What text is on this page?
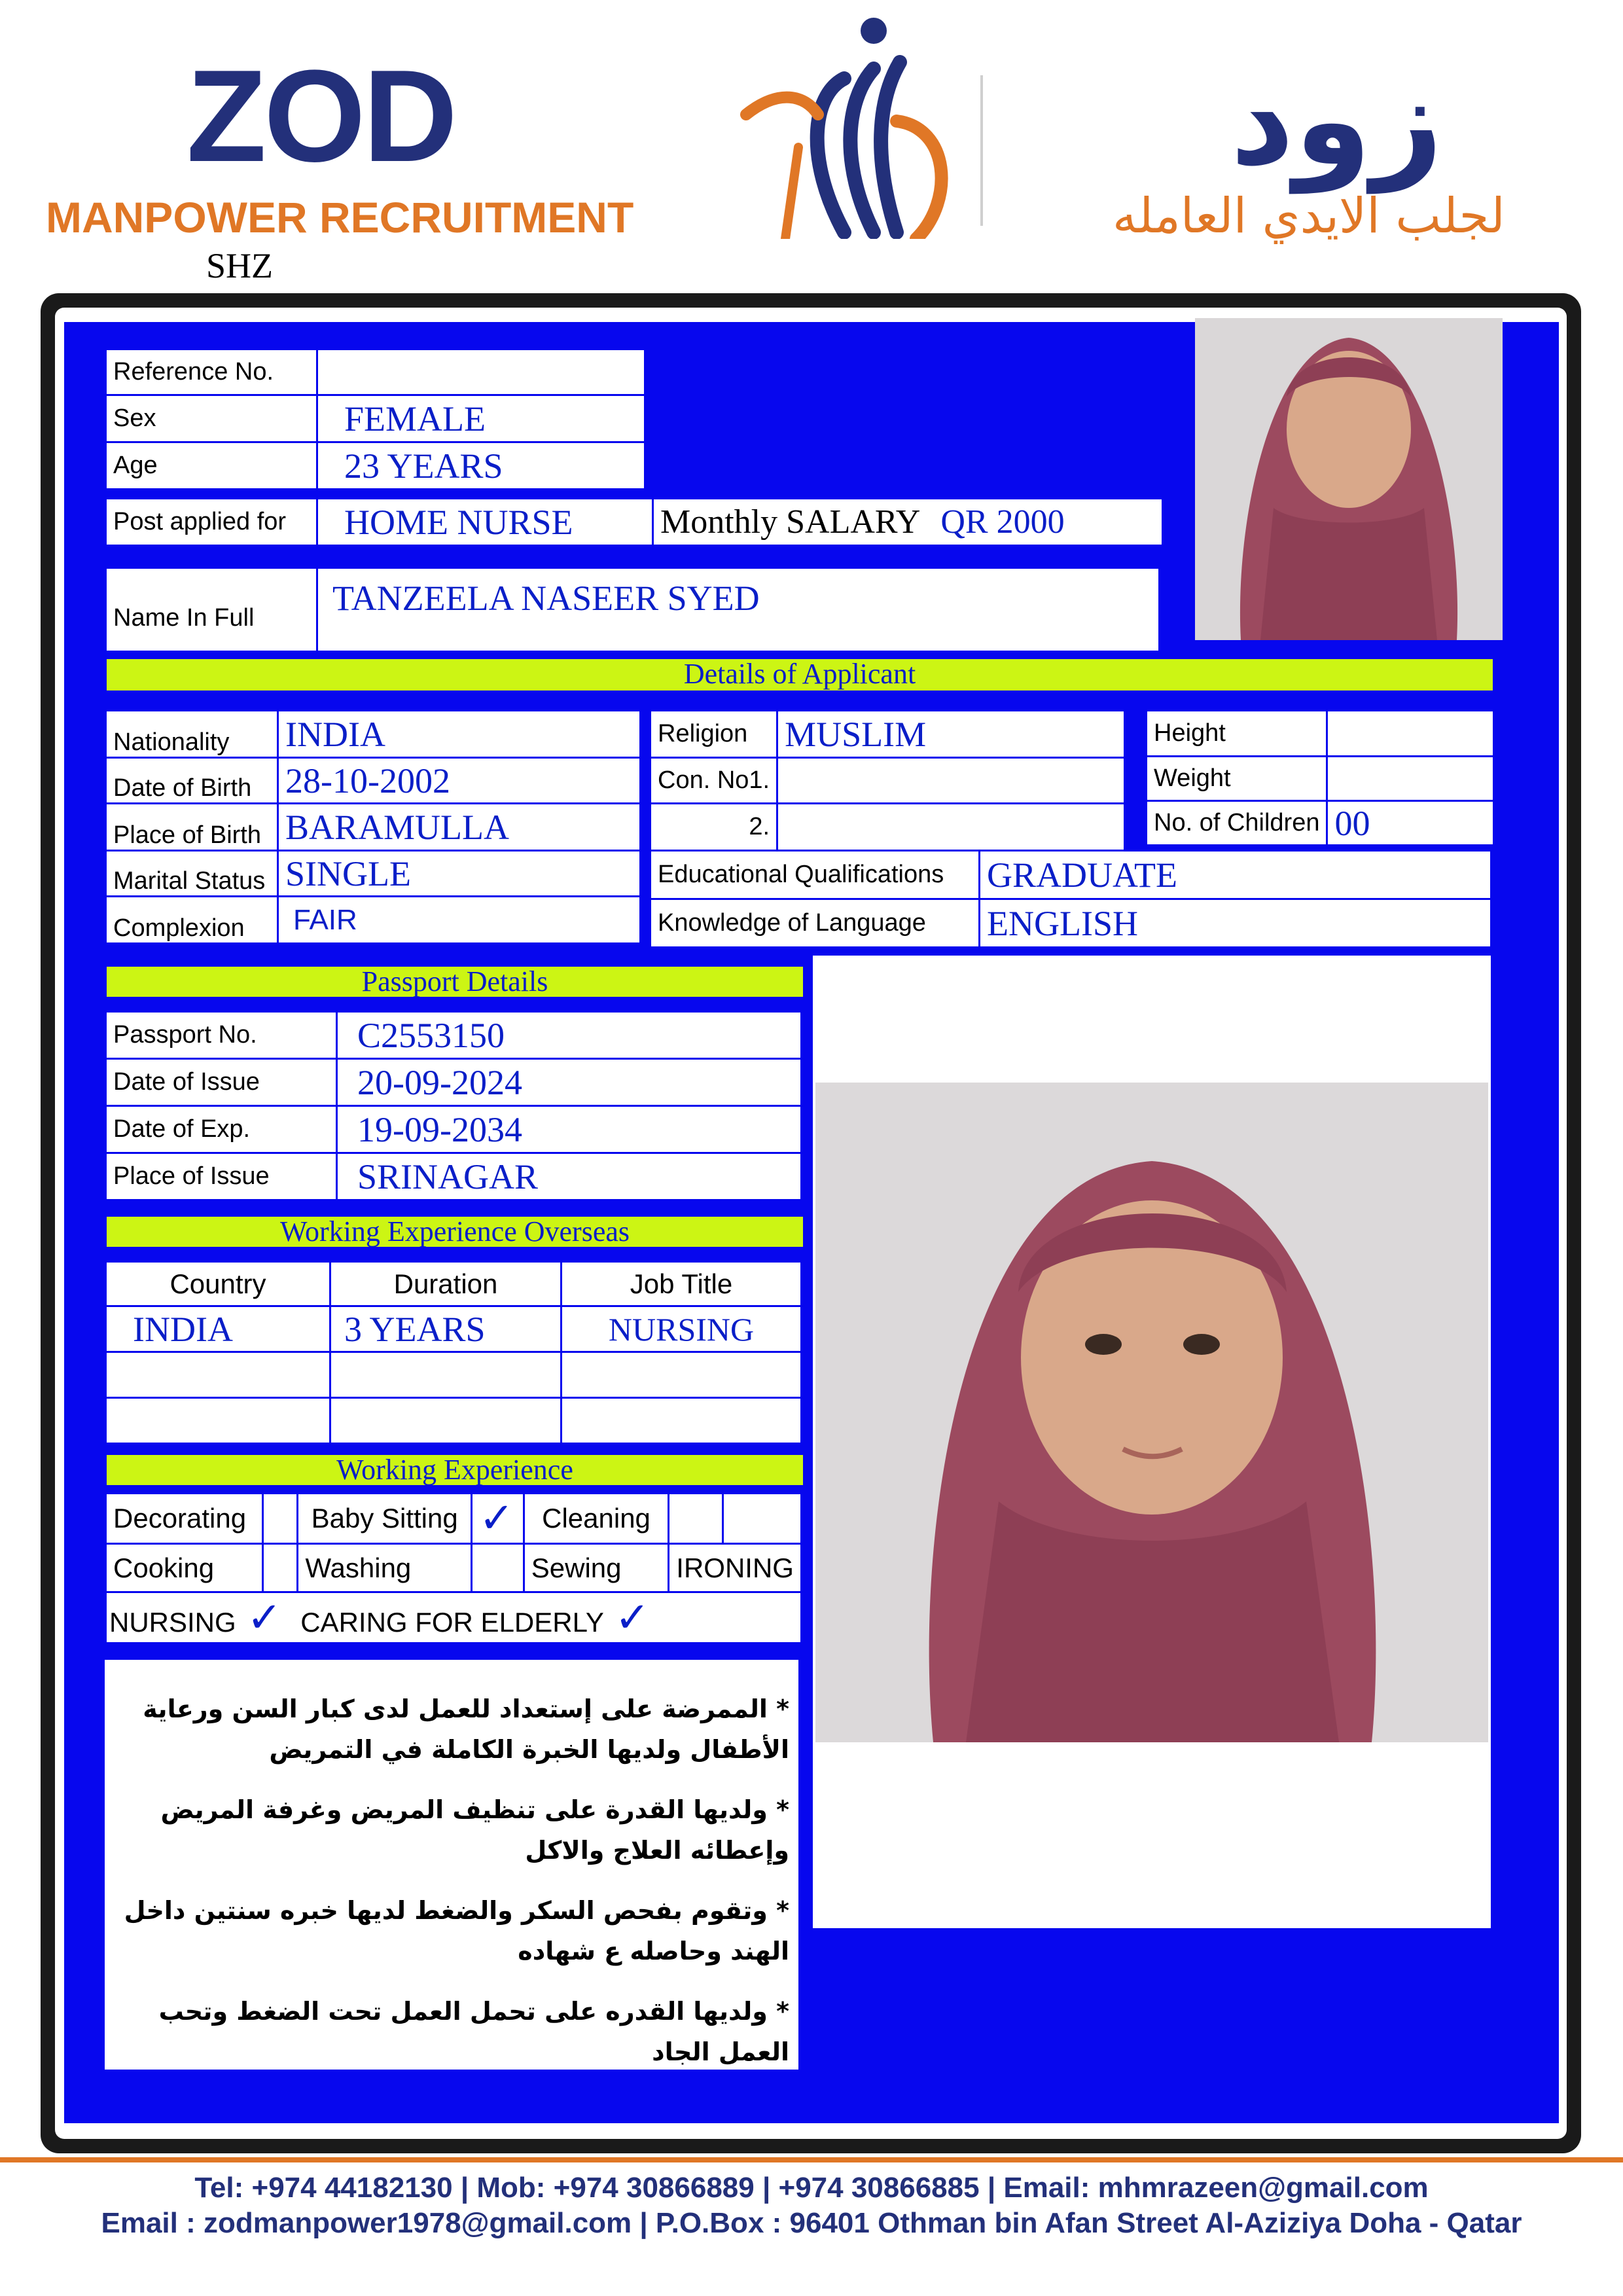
ZOD
MANPOWER RECRUITMENT
SHZ
زود
لجلب الايدي العامله
Reference No.	
Sex	FEMALE
Age	23 YEARS
Post applied for	HOME NURSE	Monthly SALARY QR 2000
Name In Full	TANZEELA NASEER SYED
Details of Applicant
Nationality	INDIA
Date of Birth	28-10-2002
Place of Birth	BARAMULLA
Marital Status	SINGLE
Complexion	FAIR
Religion	MUSLIM
Con. No1.	
2.	
Height	
Weight	
No. of Children	00
Educational Qualifications	GRADUATE
Knowledge of Language	ENGLISH
Passport Details
Passport No.	C2553150
Date of Issue	20-09-2024
Date of Exp.	19-09-2034
Place of Issue	SRINAGAR
Working Experience Overseas
Country	Duration	Job Title
INDIA	3 YEARS	NURSING

Working Experience
Decorating		Baby Sitting	✓	Cleaning		
Cooking		Washing		Sewing	IRONING	
NURSING ✓ CARING FOR ELDERLY ✓						
* الممرضة على إستعداد للعمل لدى كبار السن ورعاية الأطفال ولديها الخبرة الكاملة في التمريض
* ولديها القدرة على تنظيف المريض وغرفة المريض وإعطائه العلاج والاكل
* وتقوم بفحص السكر والضغط لديها خبره سنتين داخل الهند وحاصله ع شهاده
* ولديها القدره على تحمل العمل تحت الضغط وتحب العمل الجاد
Tel: +974 44182130 | Mob: +974 30866889 | +974 30866885 | Email: mhmrazeen@gmail.com
Email : zodmanpower1978@gmail.com | P.O.Box : 96401 Othman bin Afan Street Al-Aziziya Doha - Qatar
